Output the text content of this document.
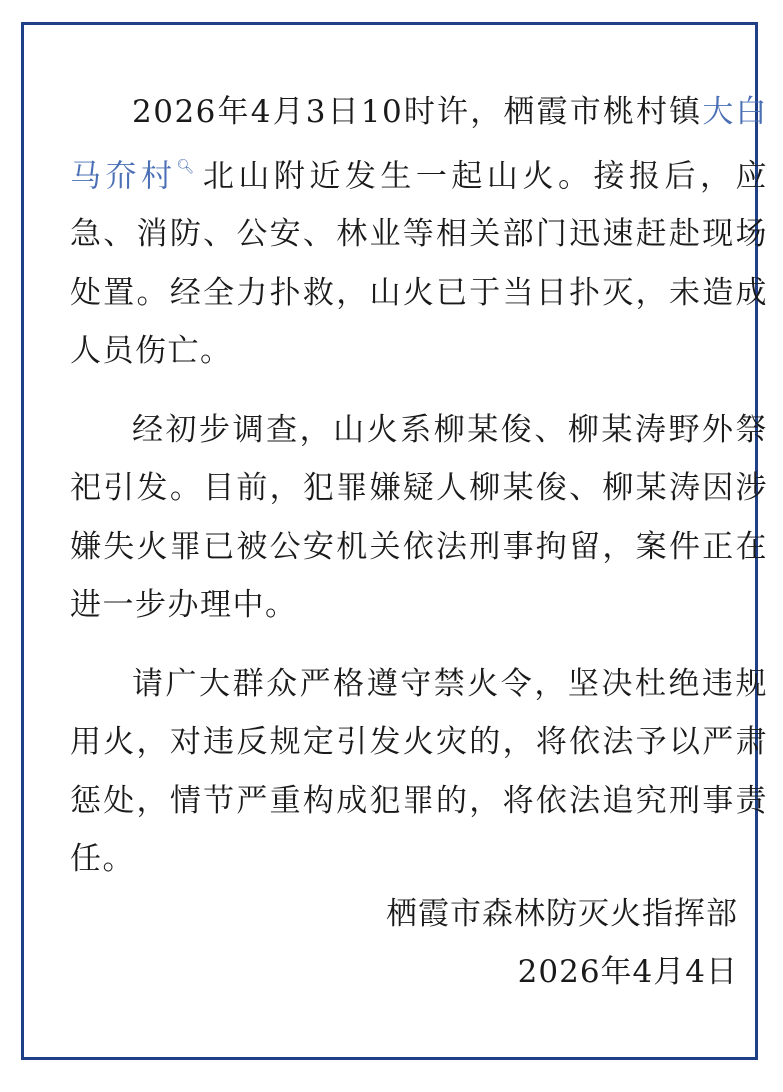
2026年4月3日10时许，栖霞市桃村镇大白马夼村🔍︎ 北山附近发生一起山火。接报后，应急、消防、公安、林业等相关部门迅速赶赴现场处置。经全力扑救，山火已于当日扑灭，未造成人员伤亡。

经初步调查，山火系柳某俊、柳某涛野外祭祀引发。目前，犯罪嫌疑人柳某俊、柳某涛因涉嫌失火罪已被公安机关依法刑事拘留，案件正在进一步办理中。

请广大群众严格遵守禁火令，坚决杜绝违规用火，对违反规定引发火灾的，将依法予以严肃惩处，情节严重构成犯罪的，将依法追究刑事责任。

栖霞市森林防灭火指挥部
2026年4月4日
